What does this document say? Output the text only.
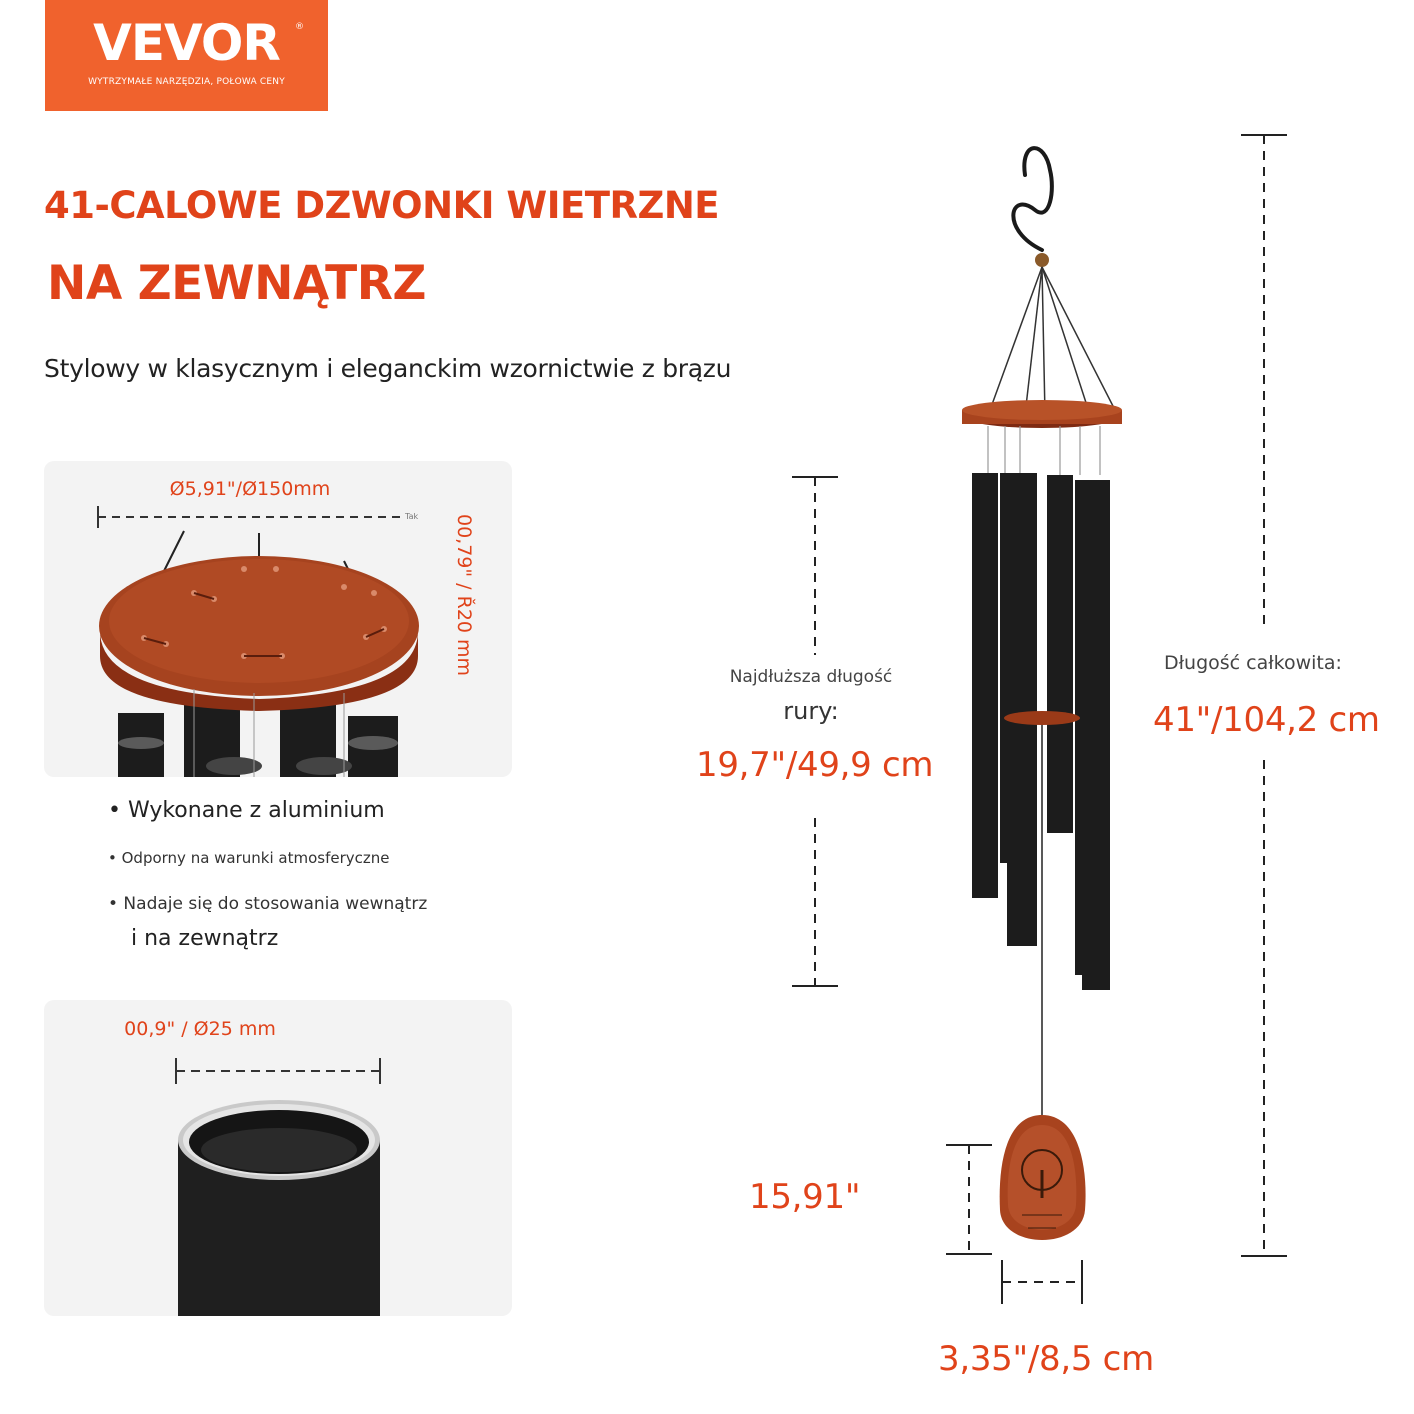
VEVOR	®
WYTRZYMAŁE NARZĘDZIA, POŁOWA CENY
41-CALOWE DZWONKI WIETRZNE
NA ZEWNĄTRZ
Stylowy w klasycznym i eleganckim wzornictwie z brązu
Ø5,91"/Ø150mm
Tak 00,79" / Ř20 mm
• Wykonane z aluminium
• Odporny na warunki atmosferyczne
• Nadaje się do stosowania wewnątrz
i na zewnątrz
00,9" / Ø25 mm
Najdłuższa długość
rury:
19,7"/49,9 cm
Długość całkowita:
41"/104,2 cm
15,91"
3,35"/8,5 cm
